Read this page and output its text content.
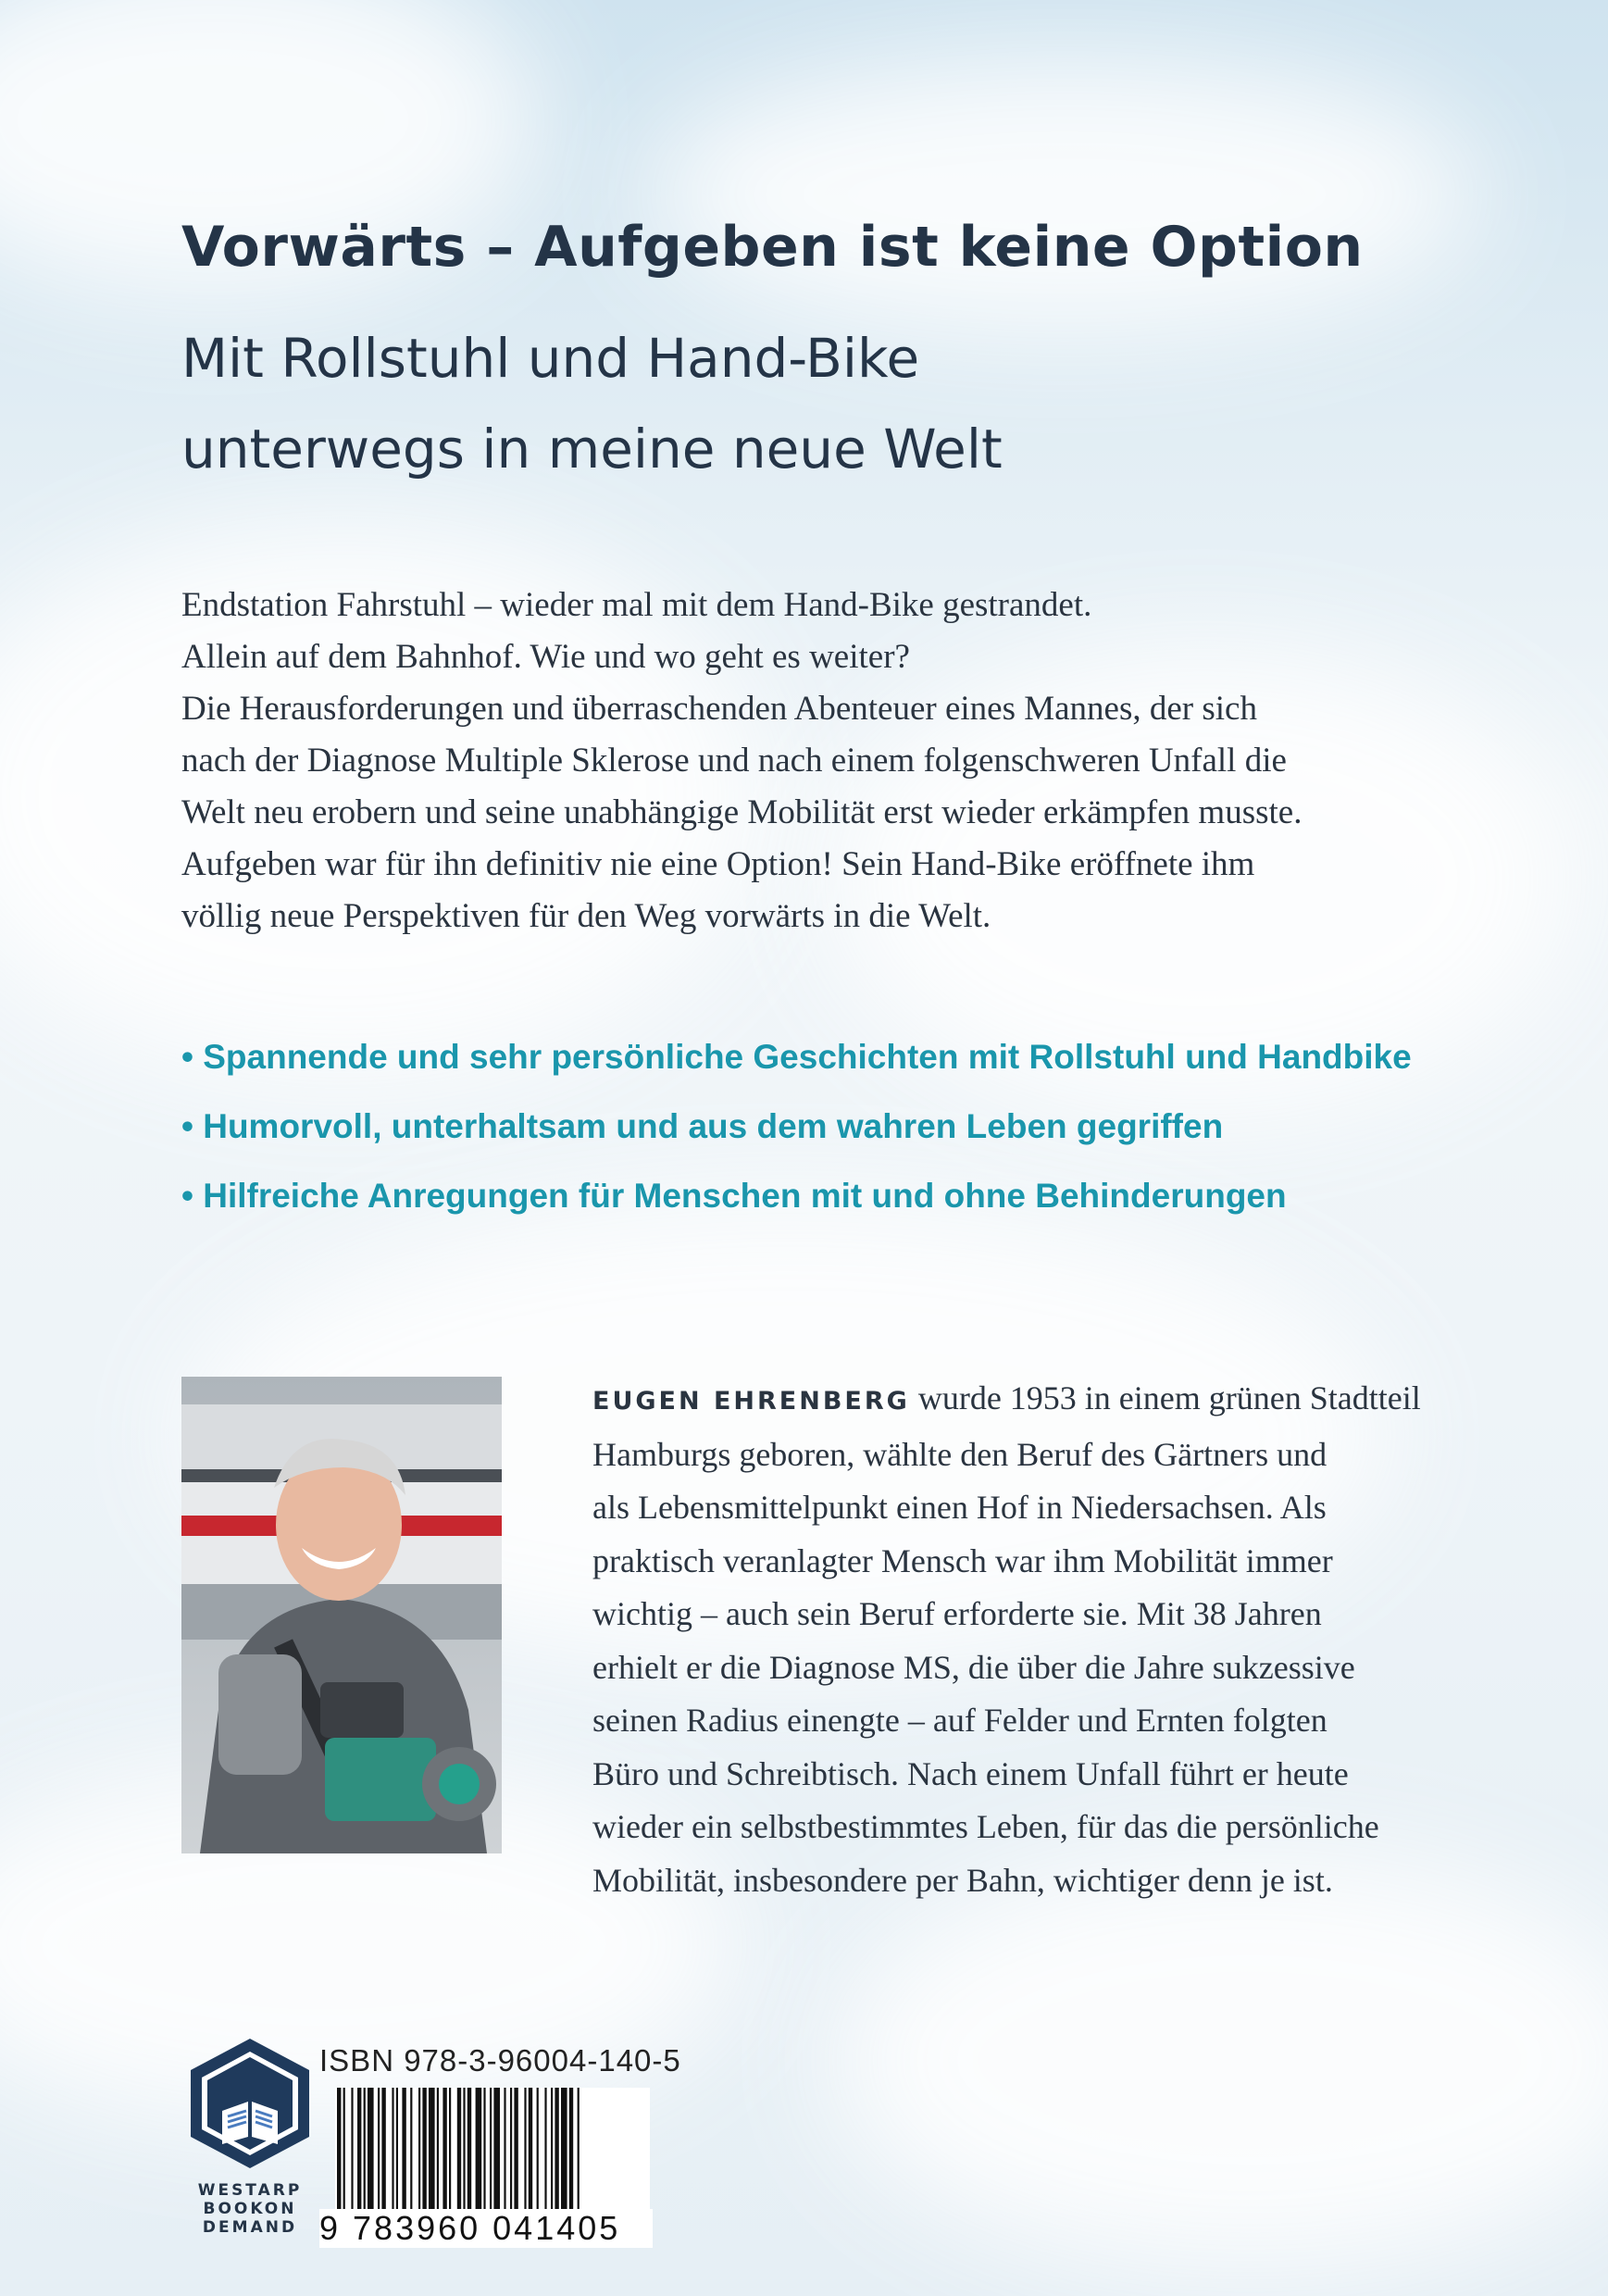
Vorwärts – Aufgeben ist keine Option
Mit Rollstuhl und Hand-Bike
unterwegs in meine neue Welt
Endstation Fahrstuhl – wieder mal mit dem Hand-Bike gestrandet.
Allein auf dem Bahnhof. Wie und wo geht es weiter?
Die Herausforderungen und überraschenden Abenteuer eines Mannes, der sich
nach der Diagnose Multiple Sklerose und nach einem folgenschweren Unfall die
Welt neu erobern und seine unabhängige Mobilität erst wieder erkämpfen musste.
Aufgeben war für ihn definitiv nie eine Option! Sein Hand-Bike eröffnete ihm
völlig neue Perspektiven für den Weg vorwärts in die Welt.
• Spannende und sehr persönliche Geschichten mit Rollstuhl und Handbike
• Humorvoll, unterhaltsam und aus dem wahren Leben gegriffen
• Hilfreiche Anregungen für Menschen mit und ohne Behinderungen
EUGEN EHRENBERG wurde 1953 in einem grünen Stadtteil
Hamburgs geboren, wählte den Beruf des Gärtners und
als Lebensmittelpunkt einen Hof in Niedersachsen. Als
praktisch veranlagter Mensch war ihm Mobilität immer
wichtig – auch sein Beruf erforderte sie. Mit 38 Jahren
erhielt er die Diagnose MS, die über die Jahre sukzessive
seinen Radius einengte – auf Felder und Ernten folgten
Büro und Schreibtisch. Nach einem Unfall führt er heute
wieder ein selbstbestimmtes Leben, für das die persönliche
Mobilität, insbesondere per Bahn, wichtiger denn je ist.
WESTARP
BOOKON
DEMAND
ISBN 978-3-96004-140-5
9 783960 041405
